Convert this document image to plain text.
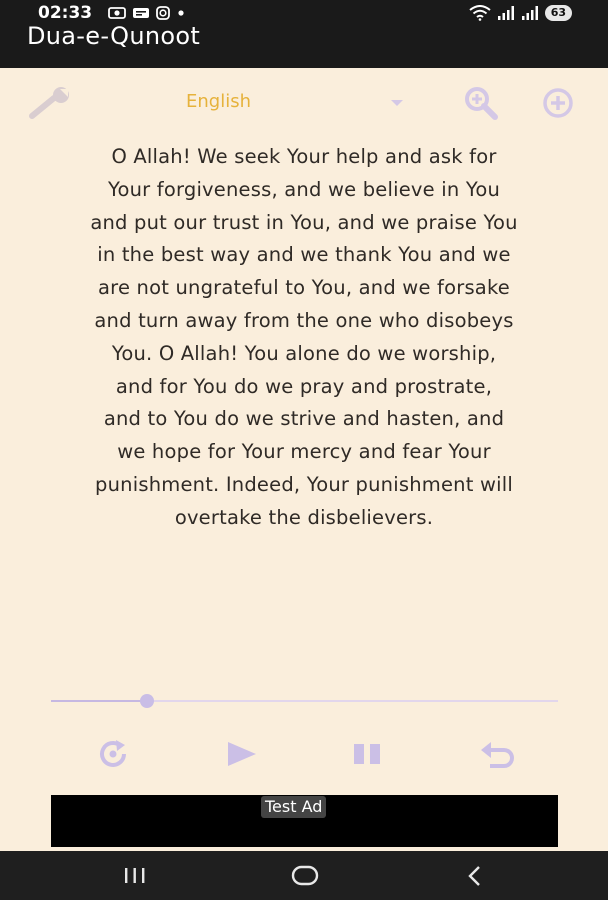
02:33	63
Dua-e-Qunoot
English
O Allah! We seek Your help and ask for
Your forgiveness, and we believe in You
and put our trust in You, and we praise You
in the best way and we thank You and we
are not ungrateful to You, and we forsake
and turn away from the one who disobeys
You. O Allah! You alone do we worship,
and for You do we pray and prostrate,
and to You do we strive and hasten, and
we hope for Your mercy and fear Your
punishment. Indeed, Your punishment will
overtake the disbelievers.
Test Ad
